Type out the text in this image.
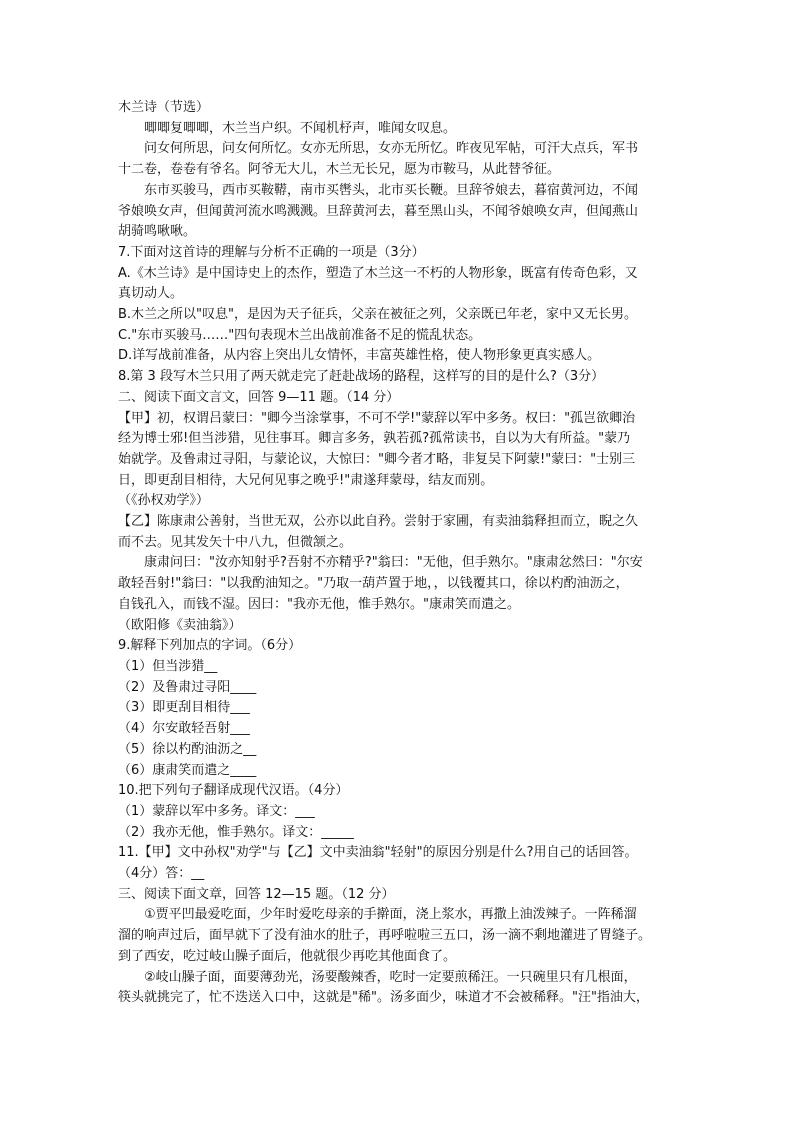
木兰诗（节选）
唧唧复唧唧，木兰当户织。不闻机杼声，唯闻女叹息。
问女何所思，问女何所忆。女亦无所思，女亦无所忆。昨夜见军帖，可汗大点兵，军书
十二卷，卷卷有爷名。阿爷无大儿，木兰无长兄，愿为市鞍马，从此替爷征。
东市买骏马，西市买鞍鞯，南市买辔头，北市买长鞭。旦辞爷娘去，暮宿黄河边，不闻
爷娘唤女声，但闻黄河流水鸣溅溅。旦辞黄河去，暮至黑山头，不闻爷娘唤女声，但闻燕山
胡骑鸣啾啾。
7.下面对这首诗的理解与分析不正确的一项是（3分）
A.《木兰诗》是中国诗史上的杰作，塑造了木兰这一不朽的人物形象，既富有传奇色彩，又
真切动人。
B.木兰之所以"叹息"，是因为天子征兵，父亲在被征之列，父亲既已年老，家中又无长男。
C."东市买骏马……"四句表现木兰出战前准备不足的慌乱状态。
D.详写战前准备，从内容上突出儿女情怀，丰富英雄性格，使人物形象更真实感人。
8.第 3 段写木兰只用了两天就走完了赶赴战场的路程，这样写的目的是什么?（3分）
二、阅读下面文言文，回答 9—11 题。（14 分）
【甲】初，权谓吕蒙曰："卿今当涂掌事，不可不学!"蒙辞以军中多务。权曰："孤岂欲卿治
经为博士邪!但当涉猎，见往事耳。卿言多务，孰若孤?孤常读书，自以为大有所益。"蒙乃
始就学。及鲁肃过寻阳，与蒙论议，大惊曰："卿今者才略，非复吴下阿蒙!"蒙曰："士别三
日，即更刮目相待，大兄何见事之晚乎!"肃遂拜蒙母，结友而别。
（《孙权劝学》）
【乙】陈康肃公善射，当世无双，公亦以此自矜。尝射于家圃，有卖油翁释担而立，睨之久
而不去。见其发矢十中八九，但微颔之。
康肃问曰："汝亦知射乎?吾射不亦精乎?"翁曰："无他，但手熟尔。"康肃忿然曰："尔安
敢轻吾射!"翁曰："以我酌油知之。"乃取一葫芦置于地，，以钱覆其口，徐以杓酌油沥之，
自钱孔入，而钱不湿。因曰："我亦无他，惟手熟尔。"康肃笑而遣之。
（欧阳修《卖油翁》）
9.解释下列加点的字词。（6分）
（1）但当涉猎__
（2）及鲁肃过寻阳____
（3）即更刮目相待___
（4）尔安敢轻吾射___
（5）徐以杓酌油沥之__
（6）康肃笑而遣之____
10.把下列句子翻译成现代汉语。（4分）
（1）蒙辞以军中多务。译文：___
（2）我亦无他，惟手熟尔。译文：_____
11.【甲】文中孙权"劝学"与【乙】文中卖油翁"轻射"的原因分别是什么?用自己的话回答。
（4分）答：__
三、阅读下面文章，回答 12—15 题。（12 分）
①贾平凹最爱吃面，少年时爱吃母亲的手擀面，浇上浆水，再撒上油泼辣子。一阵稀溜
溜的响声过后，面早就下了没有油水的肚子，再呼啦啦三五口，汤一滴不剩地灌进了胃缝子。
到了西安，吃过岐山臊子面后，他就很少再吃其他面食了。
②岐山臊子面，面要薄劲光，汤要酸辣香，吃时一定要煎稀汪。一只碗里只有几根面，
筷头就挑完了，忙不迭送入口中，这就是"稀"。汤多面少，味道才不会被稀释。"汪"指油大，
